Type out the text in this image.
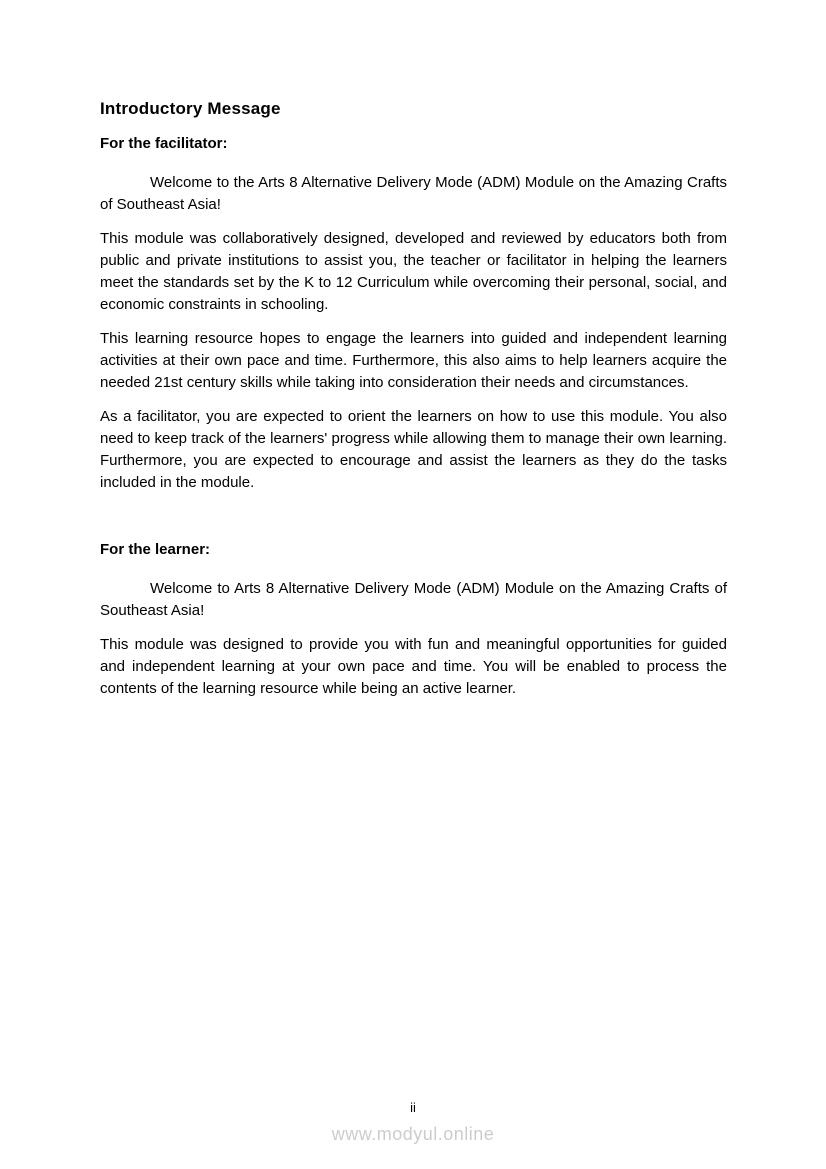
Introductory Message
For the facilitator:

Welcome to the Arts 8 Alternative Delivery Mode (ADM) Module on the Amazing Crafts of Southeast Asia!

This module was collaboratively designed, developed and reviewed by educators both from public and private institutions to assist you, the teacher or facilitator in helping the learners meet the standards set by the K to 12 Curriculum while overcoming their personal, social, and economic constraints in schooling.

This learning resource hopes to engage the learners into guided and independent learning activities at their own pace and time. Furthermore, this also aims to help learners acquire the needed 21st century skills while taking into consideration their needs and circumstances.

As a facilitator, you are expected to orient the learners on how to use this module. You also need to keep track of the learners' progress while allowing them to manage their own learning. Furthermore, you are expected to encourage and assist the learners as they do the tasks included in the module.

For the learner:

Welcome to Arts 8 Alternative Delivery Mode (ADM) Module on the Amazing Crafts of Southeast Asia!

This module was designed to provide you with fun and meaningful opportunities for guided and independent learning at your own pace and time. You will be enabled to process the contents of the learning resource while being an active learner.

ii
www.modyul.online
